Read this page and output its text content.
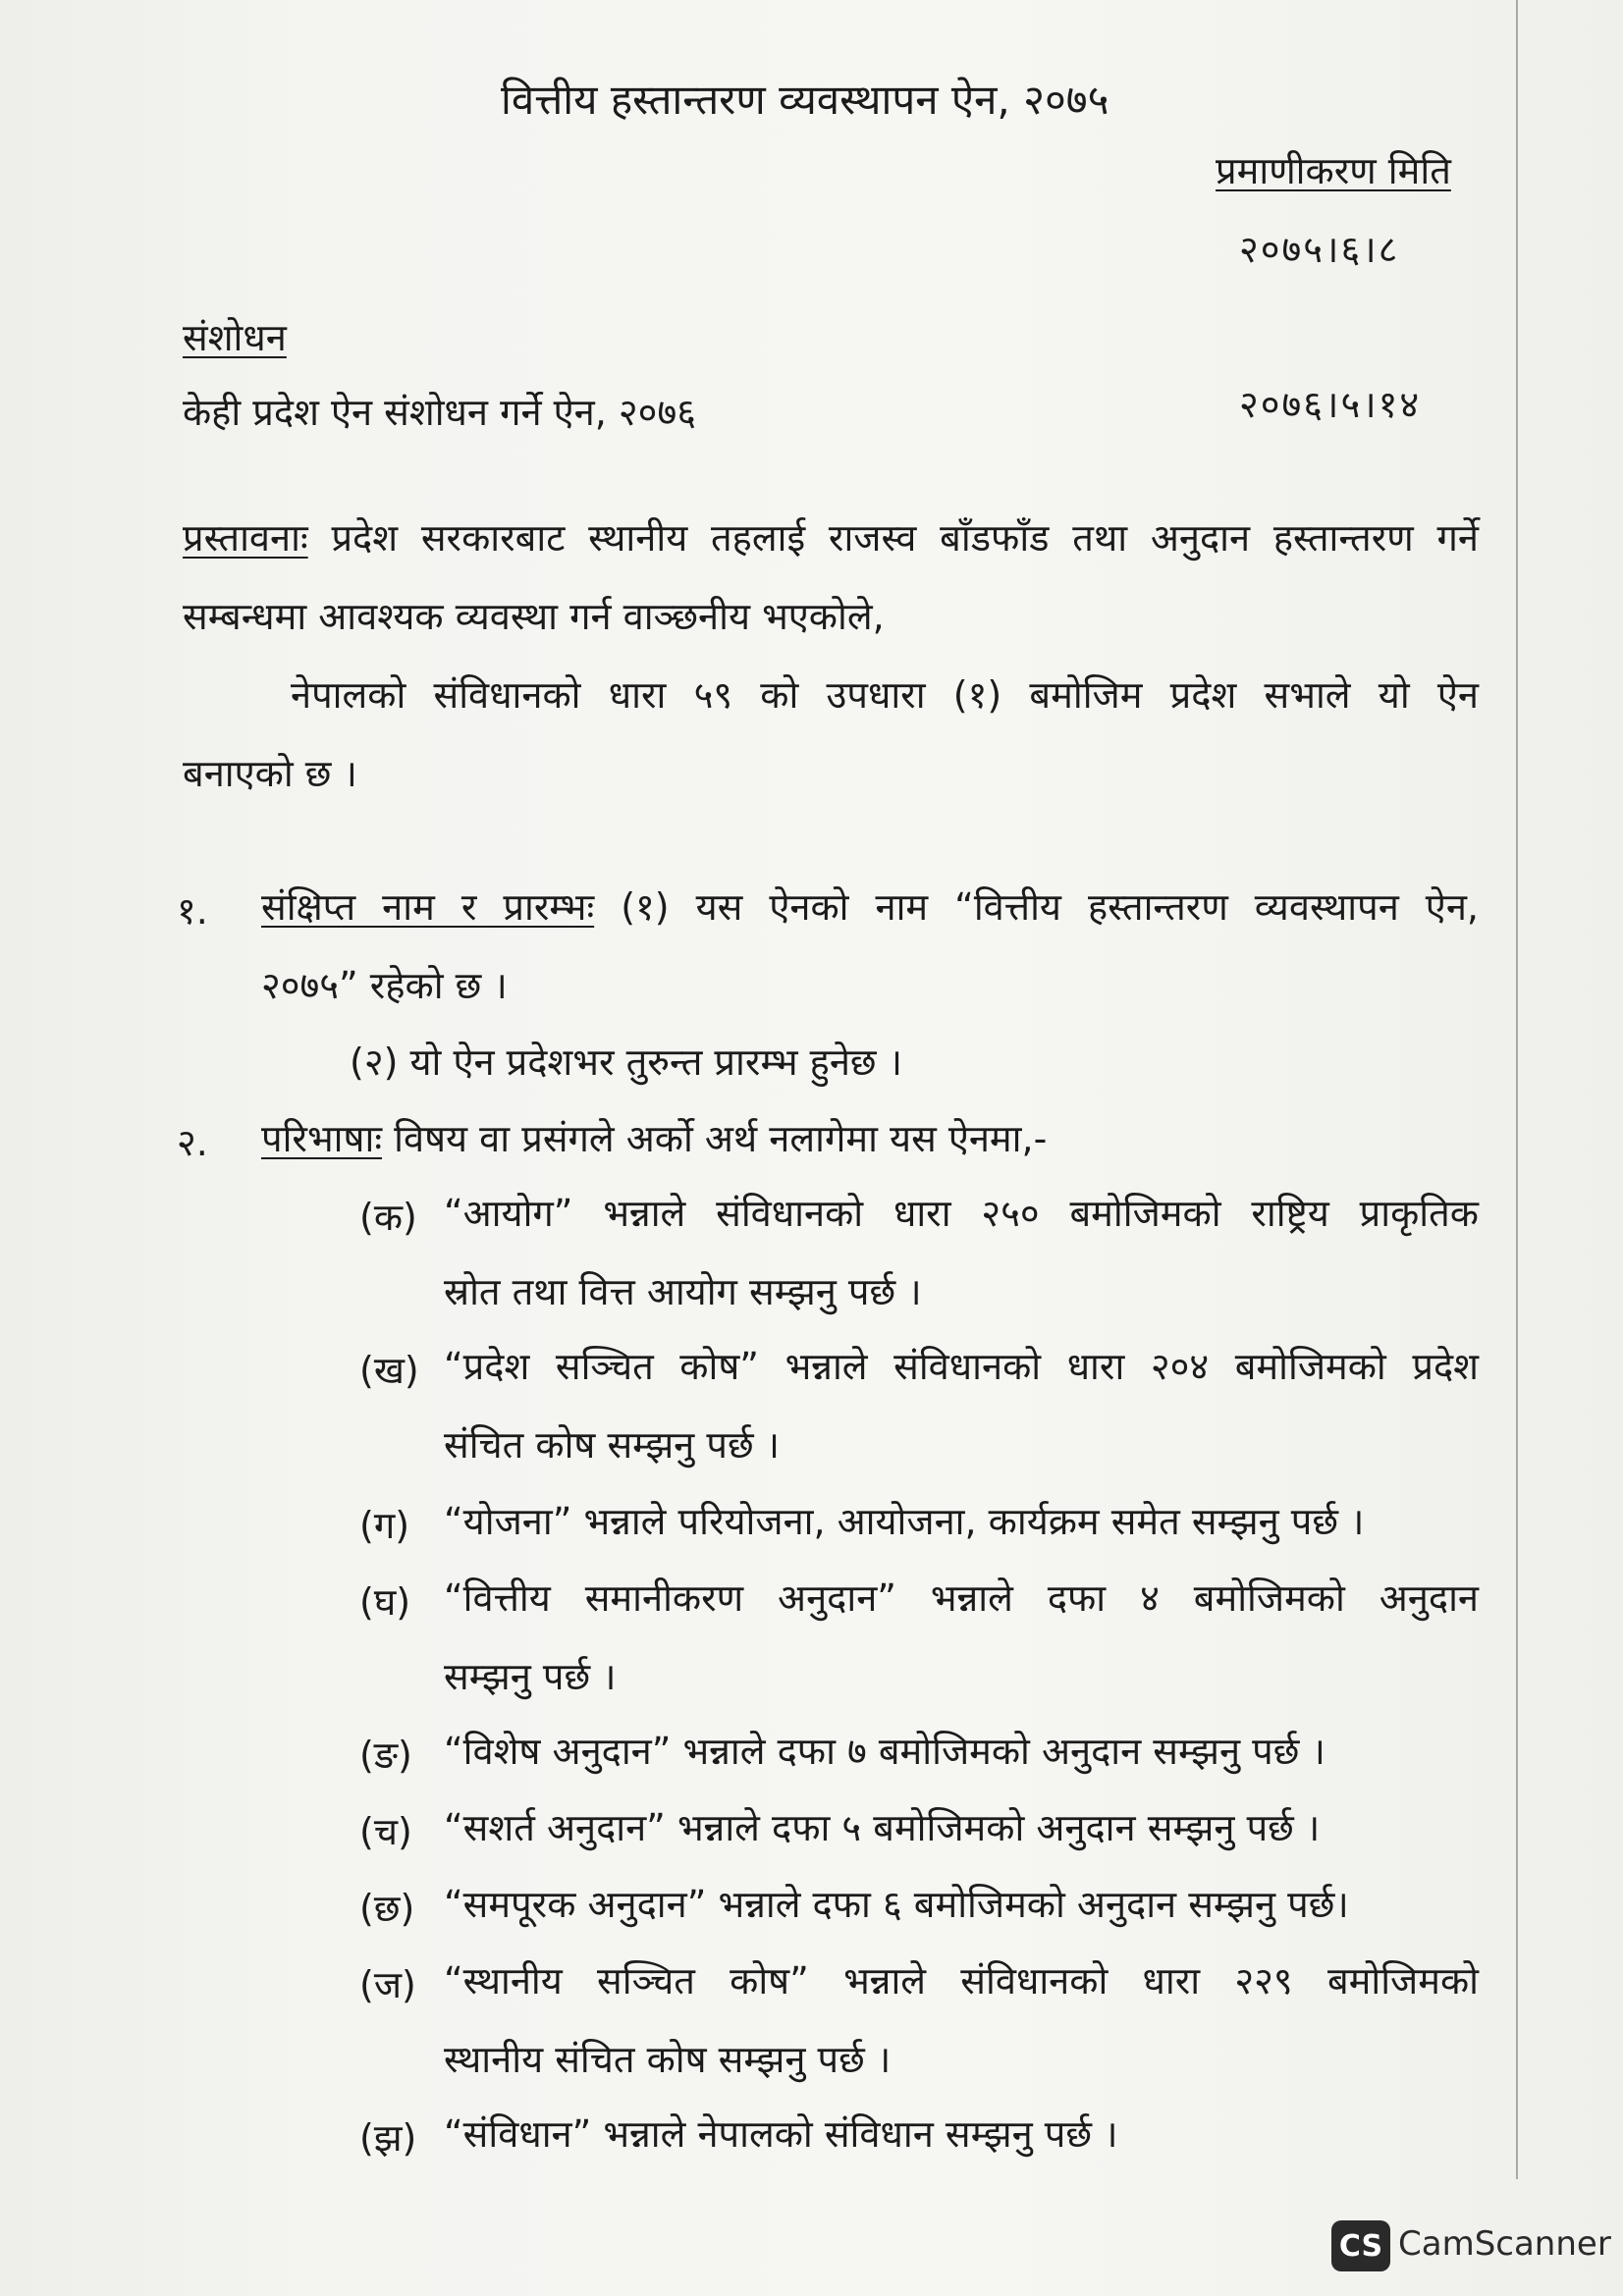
वित्तीय हस्तान्तरण व्यवस्थापन ऐन, २०७५
प्रमाणीकरण मिति
२०७५।६।८
संशोधन
केही प्रदेश ऐन संशोधन गर्ने ऐन, २०७६	२०७६।५।१४
प्रस्तावनाः प्रदेश सरकारबाट स्थानीय तहलाई राजस्व बाँडफाँड तथा अनुदान हस्तान्तरण गर्ने
सम्बन्धमा आवश्यक व्यवस्था गर्न वाञ्छनीय भएकोले,
नेपालको संविधानको धारा ५९ को उपधारा (१) बमोजिम प्रदेश सभाले यो ऐन
बनाएको छ ।
१. संक्षिप्त नाम र प्रारम्भः (१) यस ऐनको नाम “वित्तीय हस्तान्तरण व्यवस्थापन ऐन,
२०७५” रहेको छ ।
(२) यो ऐन प्रदेशभर तुरुन्त प्रारम्भ हुनेछ ।
२. परिभाषाः विषय वा प्रसंगले अर्को अर्थ नलागेमा यस ऐनमा,-
(क) “आयोग” भन्नाले संविधानको धारा २५० बमोजिमको राष्ट्रिय प्राकृतिक
स्रोत तथा वित्त आयोग सम्झनु पर्छ ।
(ख) “प्रदेश सञ्चित कोष” भन्नाले संविधानको धारा २०४ बमोजिमको प्रदेश
संचित कोष सम्झनु पर्छ ।
(ग) “योजना” भन्नाले परियोजना, आयोजना, कार्यक्रम समेत सम्झनु पर्छ ।
(घ) “वित्तीय समानीकरण अनुदान” भन्नाले दफा ४ बमोजिमको अनुदान
सम्झनु पर्छ ।
(ङ) “विशेष अनुदान” भन्नाले दफा ७ बमोजिमको अनुदान सम्झनु पर्छ ।
(च) “सशर्त अनुदान” भन्नाले दफा ५ बमोजिमको अनुदान सम्झनु पर्छ ।
(छ) “समपूरक अनुदान” भन्नाले दफा ६ बमोजिमको अनुदान सम्झनु पर्छ।
(ज) “स्थानीय सञ्चित कोष” भन्नाले संविधानको धारा २२९ बमोजिमको
स्थानीय संचित कोष सम्झनु पर्छ ।
(झ) “संविधान” भन्नाले नेपालको संविधान सम्झनु पर्छ ।
CS CamScanner
